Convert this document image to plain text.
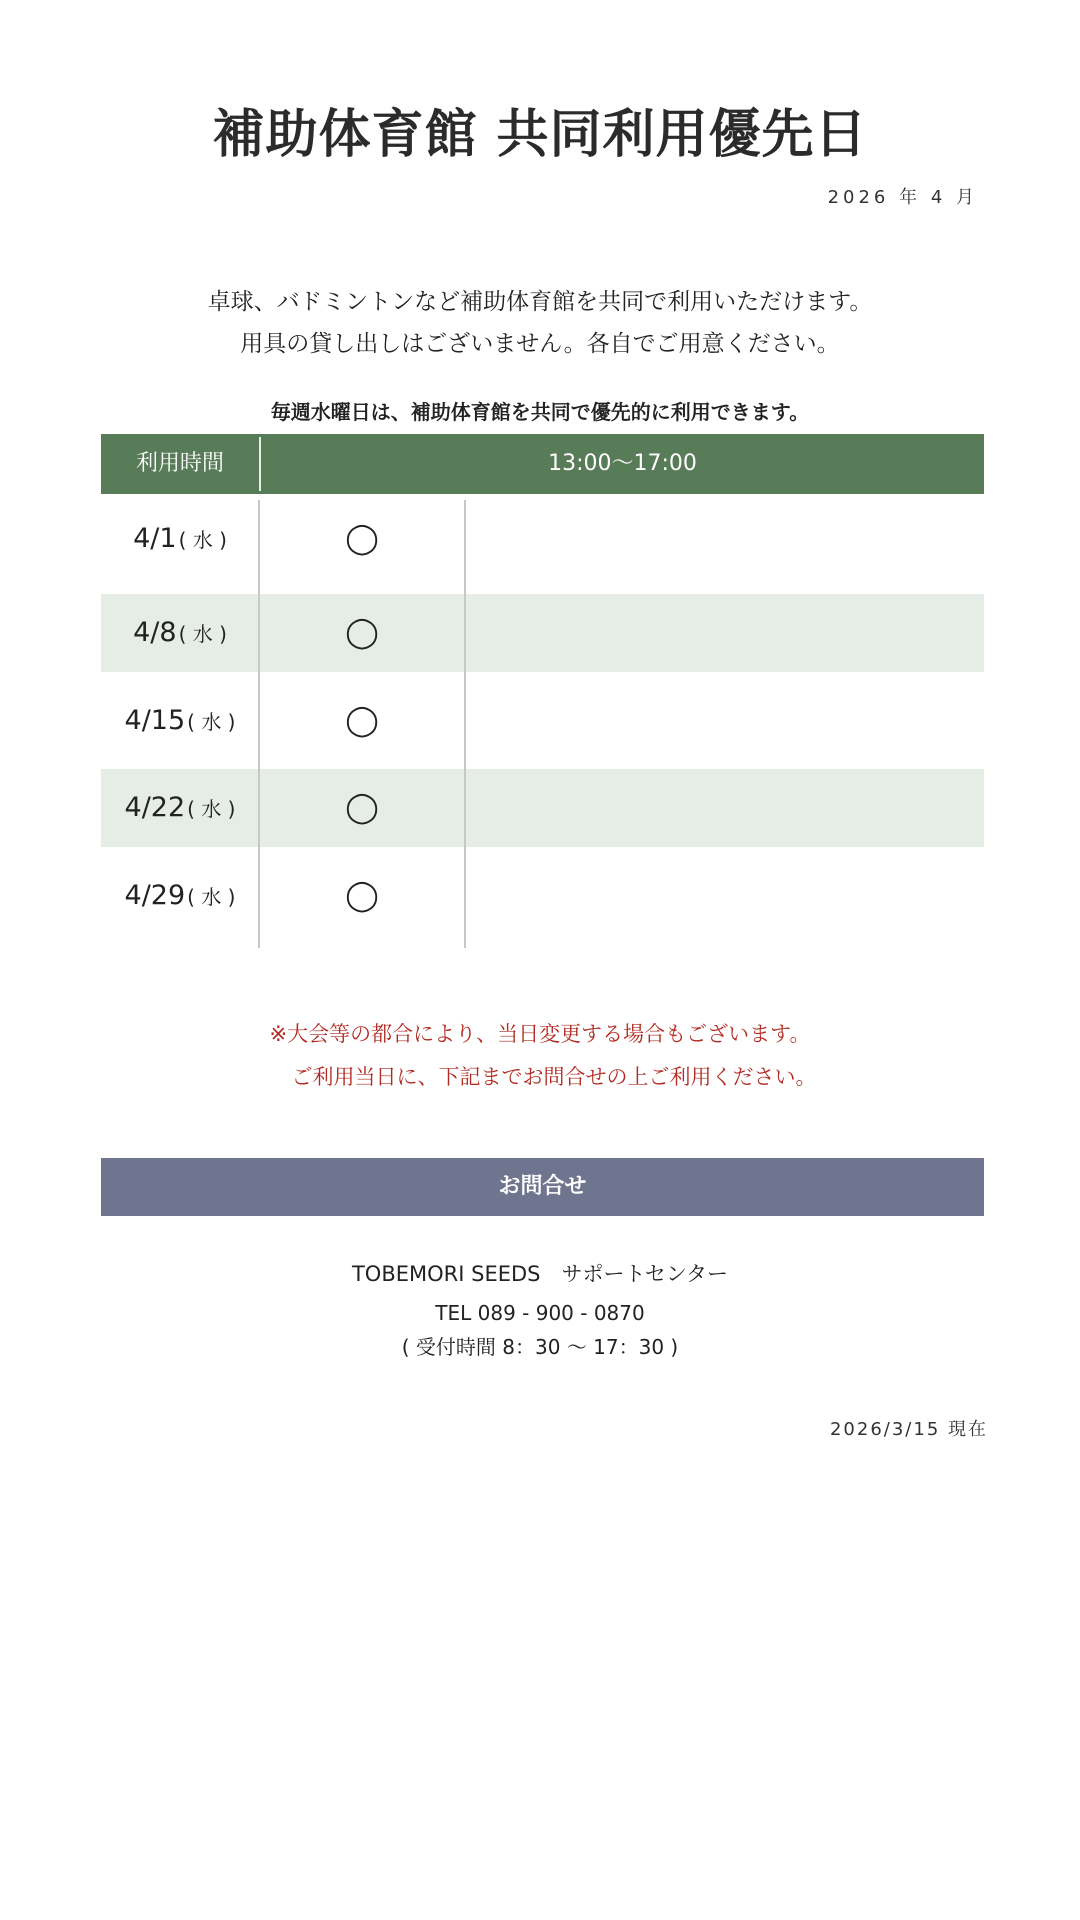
補助体育館 共同利用優先日
2026 年 4 月
卓球、バドミントンなど補助体育館を共同で利用いただけます。
用具の貸し出しはございません。各自でご用意ください。
毎週水曜日は、補助体育館を共同で優先的に利用できます。
利用時間	13:00〜17:00
4/1 ( 水 )	◯
4/8 ( 水 )	◯
4/15 ( 水 )	◯
4/22 ( 水 )	◯
4/29 ( 水 )	◯
※大会等の都合により、当日変更する場合もございます。
ご利用当日に、下記までお問合せの上ご利用ください。
お問合せ
TOBEMORI SEEDS　サポートセンター
TEL 089 - 900 - 0870
( 受付時間 8：30 〜 17：30 )
2026/3/15 現在
